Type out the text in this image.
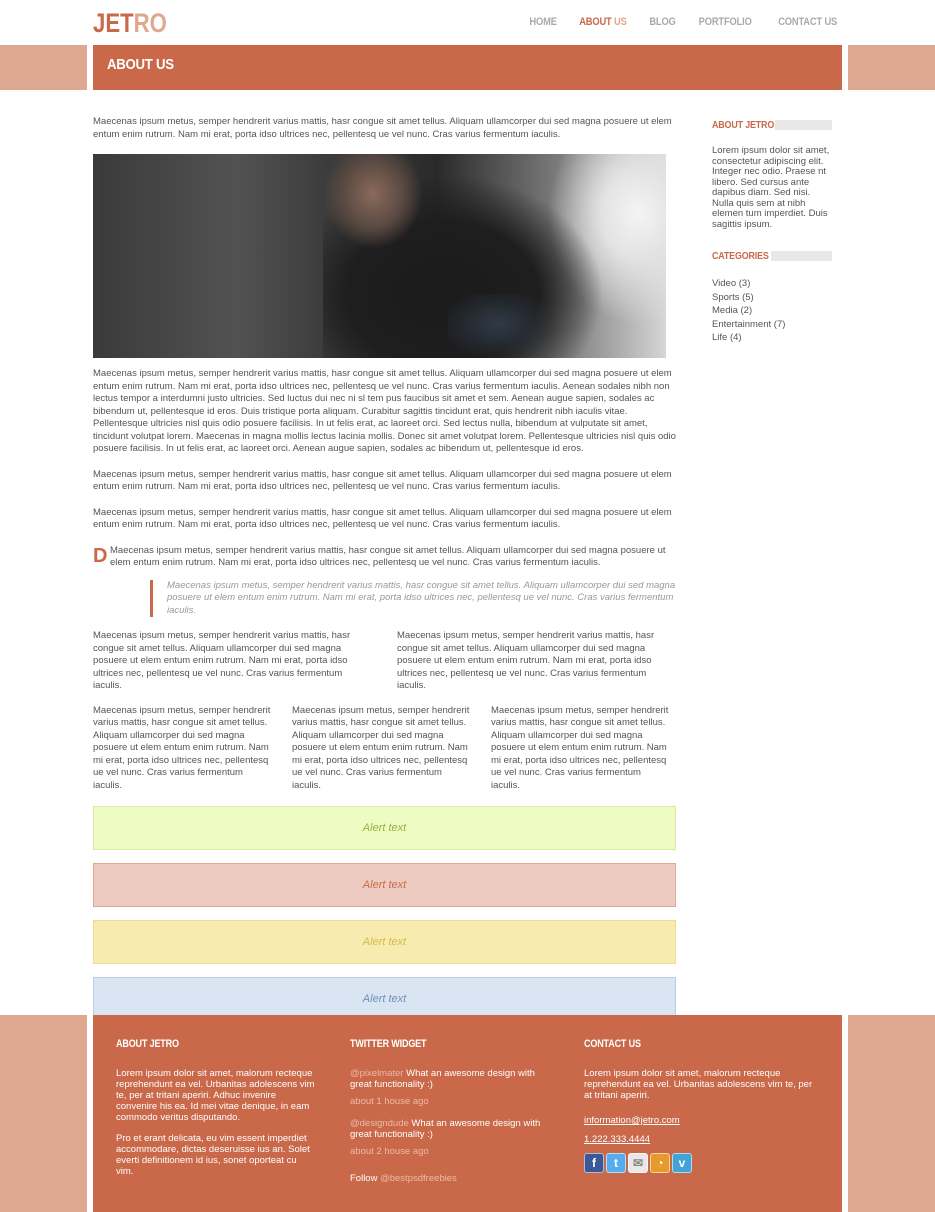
JETRO	HOME ABOUT US BLOG PORTFOLIO CONTACT US
ABOUT US

Maecenas ipsum metus, semper hendrerit varius mattis, hasr congue sit amet tellus. Aliquam ullamcorper dui sed magna posuere ut elem entum enim rutrum. Nam mi erat, porta idso ultrices nec, pellentesq ue vel nunc. Cras varius fermentum iaculis.

Maecenas ipsum metus, semper hendrerit varius mattis, hasr congue sit amet tellus. Aliquam ullamcorper dui sed magna posuere ut elem entum enim rutrum. Nam mi erat, porta idso ultrices nec, pellentesq ue vel nunc. Cras varius fermentum iaculis. Aenean sodales nibh non lectus tempor a interdumni justo ultricies. Sed luctus dui nec ni sl tem pus faucibus sit amet et sem. Aenean augue sapien, sodales ac bibendum ut, pellentesque id eros. Duis tristique porta aliquam. Curabitur sagittis tincidunt erat, quis hendrerit nibh iaculis vitae. Pellentesque ultricies nisl quis odio posuere facilisis. In ut felis erat, ac laoreet orci. Sed lectus nulla, bibendum at vulputate sit amet, tincidunt volutpat lorem. Maecenas in magna mollis lectus lacinia mollis. Donec sit amet volutpat lorem. Pellentesque ultricies nisl quis odio posuere facilisis. In ut felis erat, ac laoreet orci. Aenean augue sapien, sodales ac bibendum ut, pellentesque id eros.

Maecenas ipsum metus, semper hendrerit varius mattis, hasr congue sit amet tellus. Aliquam ullamcorper dui sed magna posuere ut elem entum enim rutrum. Nam mi erat, porta idso ultrices nec, pellentesq ue vel nunc. Cras varius fermentum iaculis.

Maecenas ipsum metus, semper hendrerit varius mattis, hasr congue sit amet tellus. Aliquam ullamcorper dui sed magna posuere ut elem entum enim rutrum. Nam mi erat, porta idso ultrices nec, pellentesq ue vel nunc. Cras varius fermentum iaculis.

D Maecenas ipsum metus, semper hendrerit varius mattis, hasr congue sit amet tellus. Aliquam ullamcorper dui sed magna posuere ut elem entum enim rutrum. Nam mi erat, porta idso ultrices nec, pellentesq ue vel nunc. Cras varius fermentum iaculis.
Maecenas ipsum metus, semper hendrerit varius mattis, hasr congue sit amet tellus. Aliquam ullamcorper dui sed magna posuere ut elem entum enim rutrum. Nam mi erat, porta idso ultrices nec, pellentesq ue vel nunc. Cras varius fermentum iaculis.
Maecenas ipsum metus, semper hendrerit varius mattis, hasr congue sit amet tellus. Aliquam ullamcorper dui sed magna posuere ut elem entum enim rutrum. Nam mi erat, porta idso ultrices nec, pellentesq ue vel nunc. Cras varius fermentum iaculis.
Maecenas ipsum metus, semper hendrerit varius mattis, hasr congue sit amet tellus. Aliquam ullamcorper dui sed magna posuere ut elem entum enim rutrum. Nam mi erat, porta idso ultrices nec, pellentesq ue vel nunc. Cras varius fermentum iaculis.
Maecenas ipsum metus, semper hendrerit varius mattis, hasr congue sit amet tellus. Aliquam ullamcorper dui sed magna posuere ut elem entum enim rutrum. Nam mi erat, porta idso ultrices nec, pellentesq ue vel nunc. Cras varius fermentum iaculis.
Maecenas ipsum metus, semper hendrerit varius mattis, hasr congue sit amet tellus. Aliquam ullamcorper dui sed magna posuere ut elem entum enim rutrum. Nam mi erat, porta idso ultrices nec, pellentesq ue vel nunc. Cras varius fermentum iaculis.
Maecenas ipsum metus, semper hendrerit varius mattis, hasr congue sit amet tellus. Aliquam ullamcorper dui sed magna posuere ut elem entum enim rutrum. Nam mi erat, porta idso ultrices nec, pellentesq ue vel nunc. Cras varius fermentum iaculis.
Alert text
Alert text
Alert text
Alert text
ABOUT JETRO

Lorem ipsum dolor sit amet, consectetur adipiscing elit. Integer nec odio. Praese nt libero. Sed cursus ante dapibus diam. Sed nisi. Nulla quis sem at nibh elemen tum imperdiet. Duis sagittis ipsum.

CATEGORIES
Video (3)
Sports (5)
Media (2)
Entertainment (7)
Life (4)
ABOUT JETRO

Lorem ipsum dolor sit amet, malorum recteque reprehendunt ea vel. Urbanitas adolescens vim te, per at tritani aperiri. Adhuc invenire convenire his ea. Id mei vitae denique, in eam commodo veritus disputando.

Pro et erant delicata, eu vim essent imperdiet accommodare, dictas deseruisse ius an. Solet everti definitionem id ius, sonet oporteat cu vim.

TWITTER WIDGET

@pixelmater What an awesome design with great functionality :)

about 1 house ago

@designdude What an awesome design with great functionality :)

about 2 house ago
Follow @bestpsdfreebies
CONTACT US

Lorem ipsum dolor sit amet, malorum recteque reprehendunt ea vel. Urbanitas adolescens vim te, per at tritani aperiri.

information@jetro.com
1.222.333.4444
f	t	✉	◔	v
